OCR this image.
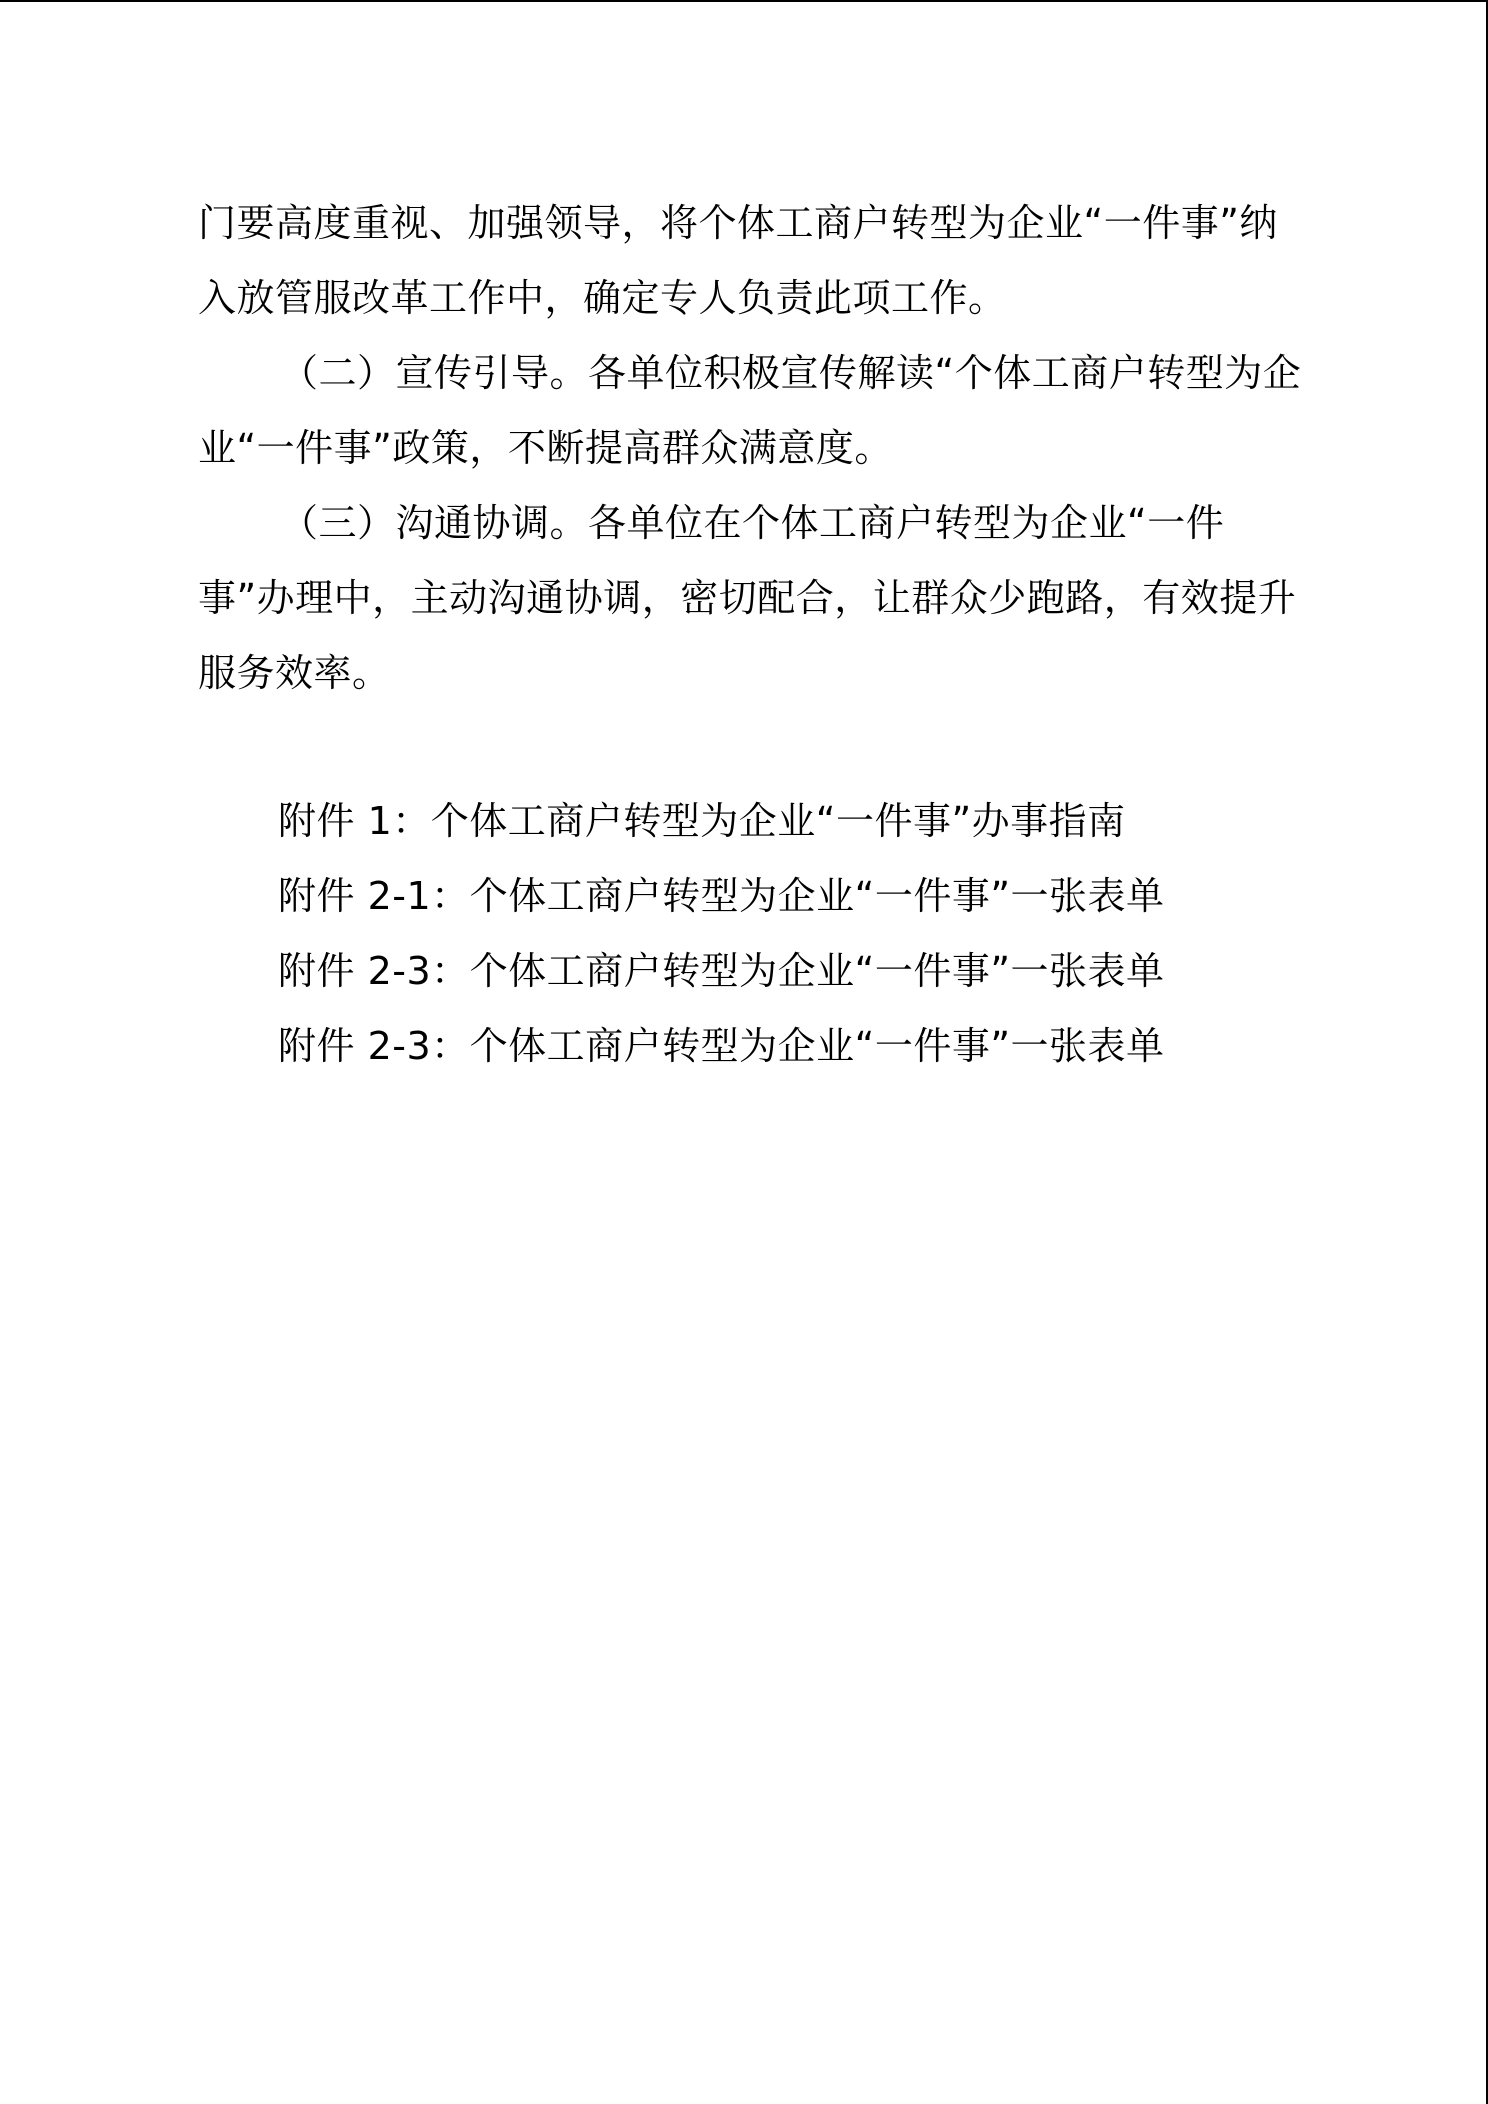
门要高度重视、加强领导，将个体工商户转型为企业“一件事”纳入放管服改革工作中，确定专人负责此项工作。

（二）宣传引导。各单位积极宣传解读“个体工商户转型为企业“一件事”政策，不断提高群众满意度。

（三）沟通协调。各单位在个体工商户转型为企业“一件事”办理中，主动沟通协调，密切配合，让群众少跑路，有效提升服务效率。

附件 1：个体工商户转型为企业“一件事”办事指南

附件 2-1：个体工商户转型为企业“一件事”一张表单

附件 2-3：个体工商户转型为企业“一件事”一张表单

附件 2-3：个体工商户转型为企业“一件事”一张表单
